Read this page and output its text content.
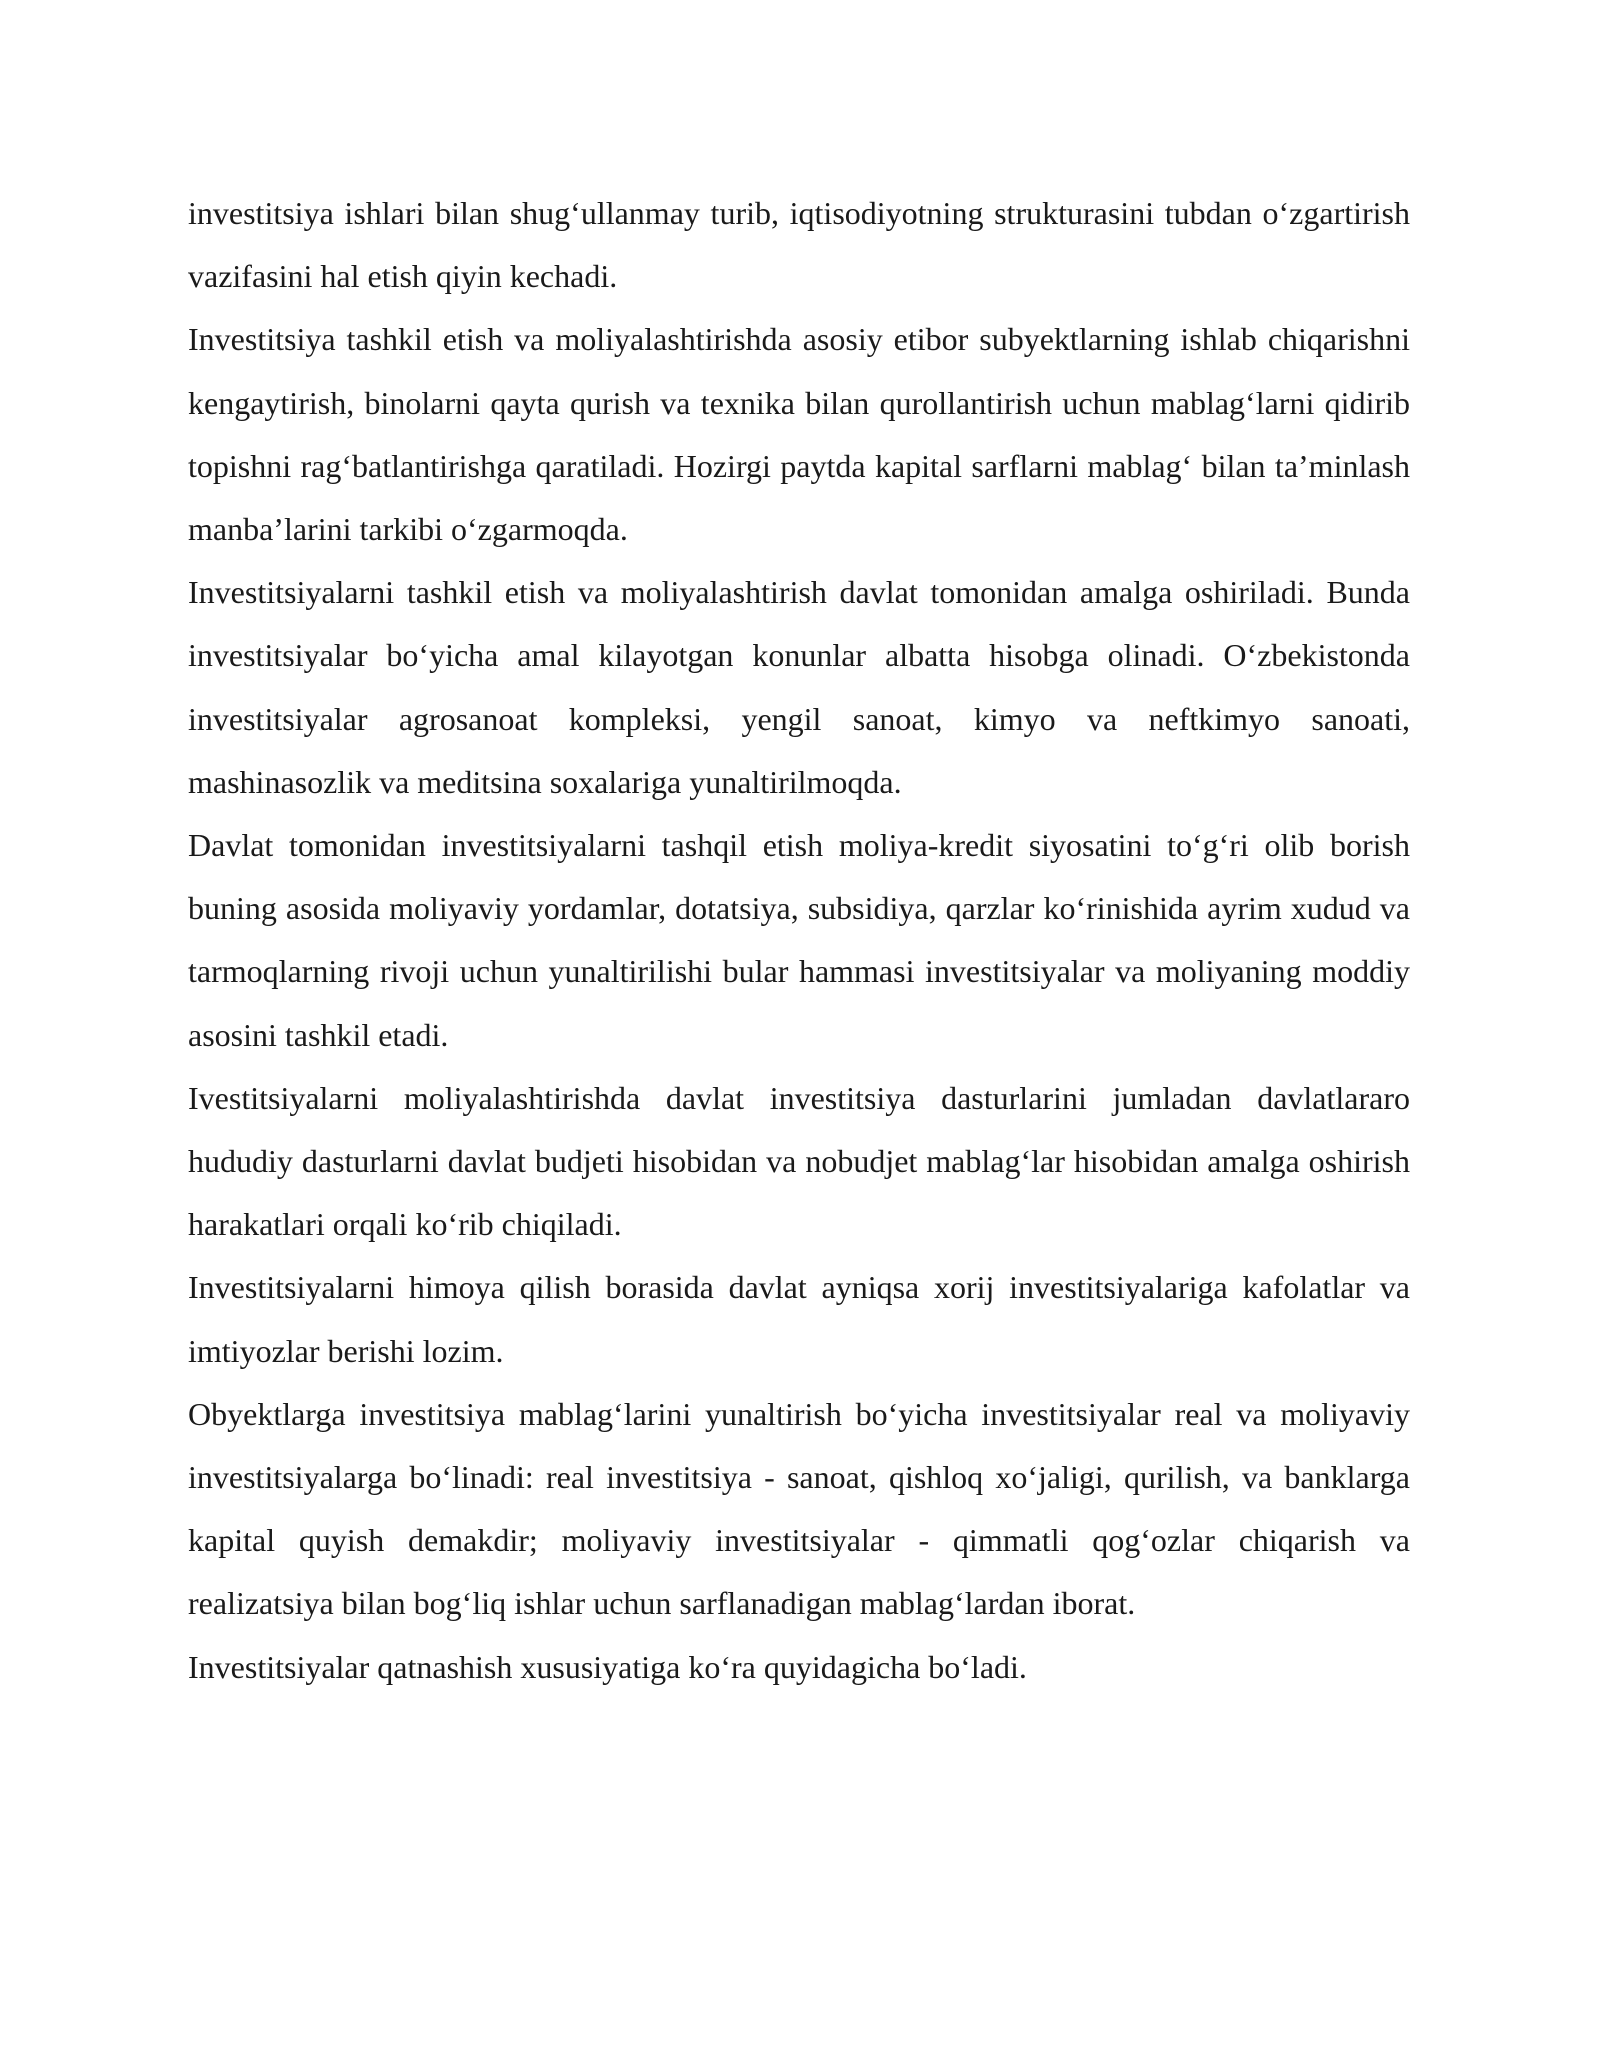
investitsiya ishlari bilan shug‘ullanmay turib, iqtisodiyotning strukturasini tubdan o‘zgartirish vazifasini hal etish qiyin kechadi.

Investitsiya tashkil etish va moliyalashtirishda asosiy etibor subyektlarning ishlab chiqarishni kengaytirish, binolarni qayta qurish va texnika bilan qurollantirish uchun mablag‘larni qidirib topishni rag‘batlantirishga qaratiladi. Hozirgi paytda kapital sarflarni mablag‘ bilan ta’minlash manba’larini tarkibi o‘zgarmoqda.

Investitsiyalarni tashkil etish va moliyalashtirish davlat tomonidan amalga oshiriladi. Bunda investitsiyalar bo‘yicha amal kilayotgan konunlar albatta hisobga olinadi. O‘zbekistonda investitsiyalar agrosanoat kompleksi, yengil sanoat, kimyo va neftkimyo sanoati, mashinasozlik va meditsina soxalariga yunaltirilmoqda.

Davlat tomonidan investitsiyalarni tashqil etish moliya-kredit siyosatini to‘g‘ri olib borish buning asosida moliyaviy yordamlar, dotatsiya, subsidiya, qarzlar ko‘rinishida ayrim xudud va tarmoqlarning rivoji uchun yunaltirilishi bular hammasi investitsiyalar va moliyaning moddiy asosini tashkil etadi.

Ivestitsiyalarni moliyalashtirishda davlat investitsiya dasturlarini jumladan davlatlararo hududiy dasturlarni davlat budjeti hisobidan va nobudjet mablag‘lar hisobidan amalga oshirish harakatlari orqali ko‘rib chiqiladi.

Investitsiyalarni himoya qilish borasida davlat ayniqsa xorij investitsiyalariga kafolatlar va imtiyozlar berishi lozim.

Obyektlarga investitsiya mablag‘larini yunaltirish bo‘yicha investitsiyalar real va moliyaviy investitsiyalarga bo‘linadi: real investitsiya - sanoat, qishloq xo‘jaligi, qurilish, va banklarga kapital quyish demakdir; moliyaviy investitsiyalar - qimmatli qog‘ozlar chiqarish va realizatsiya bilan bog‘liq ishlar uchun sarflanadigan mablag‘lardan iborat.

Investitsiyalar qatnashish xususiyatiga ko‘ra quyidagicha bo‘ladi.
